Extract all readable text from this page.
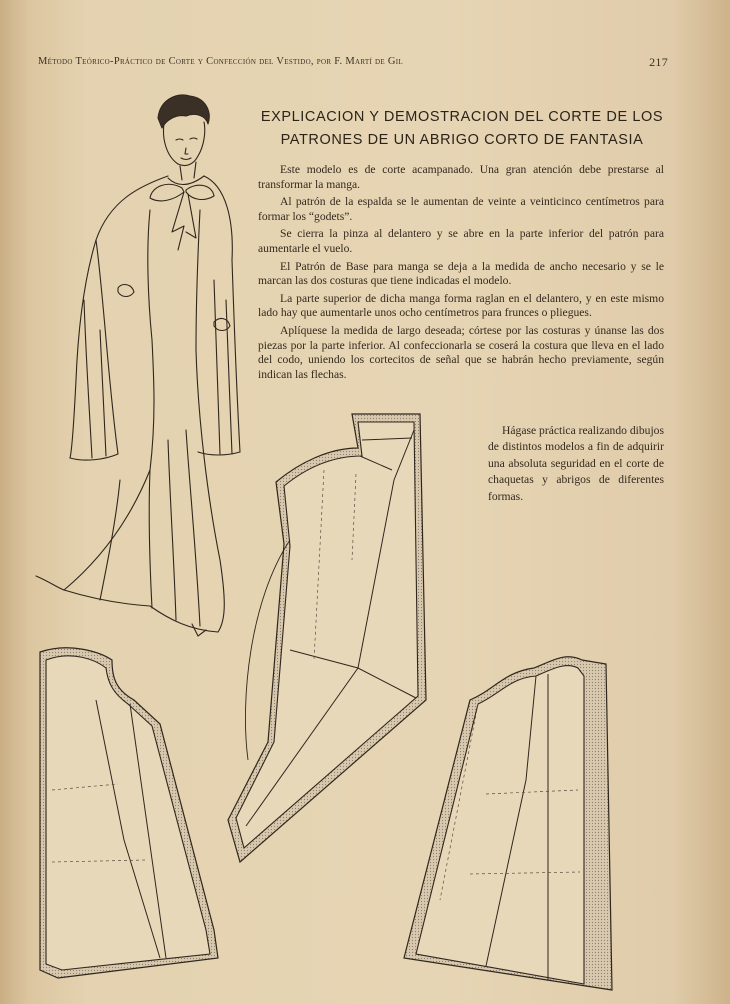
Método Teórico-Práctico de Corte y Confección del Vestido, por F. Martí de Gil	217
EXPLICACION Y DEMOSTRACION DEL CORTE DE LOS
PATRONES DE UN ABRIGO CORTO DE FANTASIA

Este modelo es de corte acampanado. Una gran atención debe prestarse al transformar la manga.

Al patrón de la espalda se le aumentan de veinte a veinticinco centímetros para formar los “godets”.

Se cierra la pinza al delantero y se abre en la parte inferior del patrón para aumentarle el vuelo.

El Patrón de Base para manga se deja a la medida de ancho necesario y se le marcan las dos costuras que tiene indicadas el modelo.

La parte superior de dicha manga forma raglan en el delantero, y en este mismo lado hay que aumentarle unos ocho centímetros para frunces o pliegues.

Aplíquese la medida de largo deseada; córtese por las costuras y únanse las dos piezas por la parte inferior. Al confeccionarla se coserá la costura que lleva en el lado del codo, uniendo los cortecitos de señal que se habrán hecho previamente, según indican las flechas.

Hágase práctica realizando dibujos de distintos modelos a fin de adquirir una absoluta seguridad en el corte de chaquetas y abrigos de diferentes formas.
